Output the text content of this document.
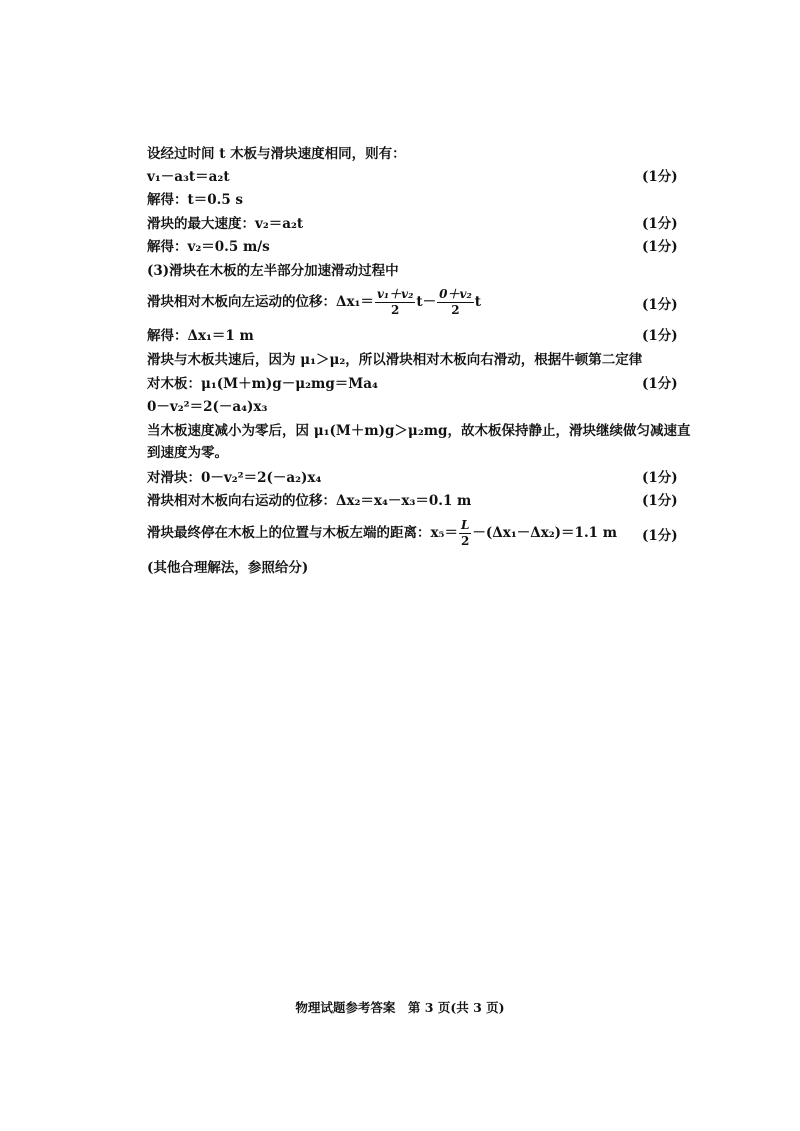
设经过时间 t 木板与滑块速度相同，则有：
v₁－a₃t＝a₂t	(1分)
解得：t＝0.5 s
滑块的最大速度：v₂＝a₂t	(1分)
解得：v₂＝0.5 m/s	(1分)
(3)滑块在木板的左半部分加速滑动过程中
滑块相对木板向左运动的位移：$\Delta x_1= \frac{\text{v₁＋v₂}}{2} t- \frac{\text{0＋v₂}}{2}$ t	(1分)
解得：Δx₁＝1 m	(1分)
滑块与木板共速后，因为 μ₁＞μ₂，所以滑块相对木板向右滑动，根据牛顿第二定律
对木板：μ₁(M＋m)g－μ₂mg＝Ma₄	(1分)
0－v₂²＝2(－a₄)x₃
当木板速度减小为零后，因 μ₁(M＋m)g＞μ₂mg，故木板保持静止，滑块继续做匀减速直
到速度为零。
对滑块：0－v₂²＝2(－a₂)x₄	(1分)
滑块相对木板向右运动的位移：Δx₂＝x₄－x₃＝0.1 m	(1分)
滑块最终停在木板上的位置与木板左端的距离：$x_5= \frac{L}{2} -(\Delta x_1-\Delta x_2)=1.1$ m (1分)
(其他合理解法，参照给分)
物理试题参考答案　第 3 页(共 3 页)
